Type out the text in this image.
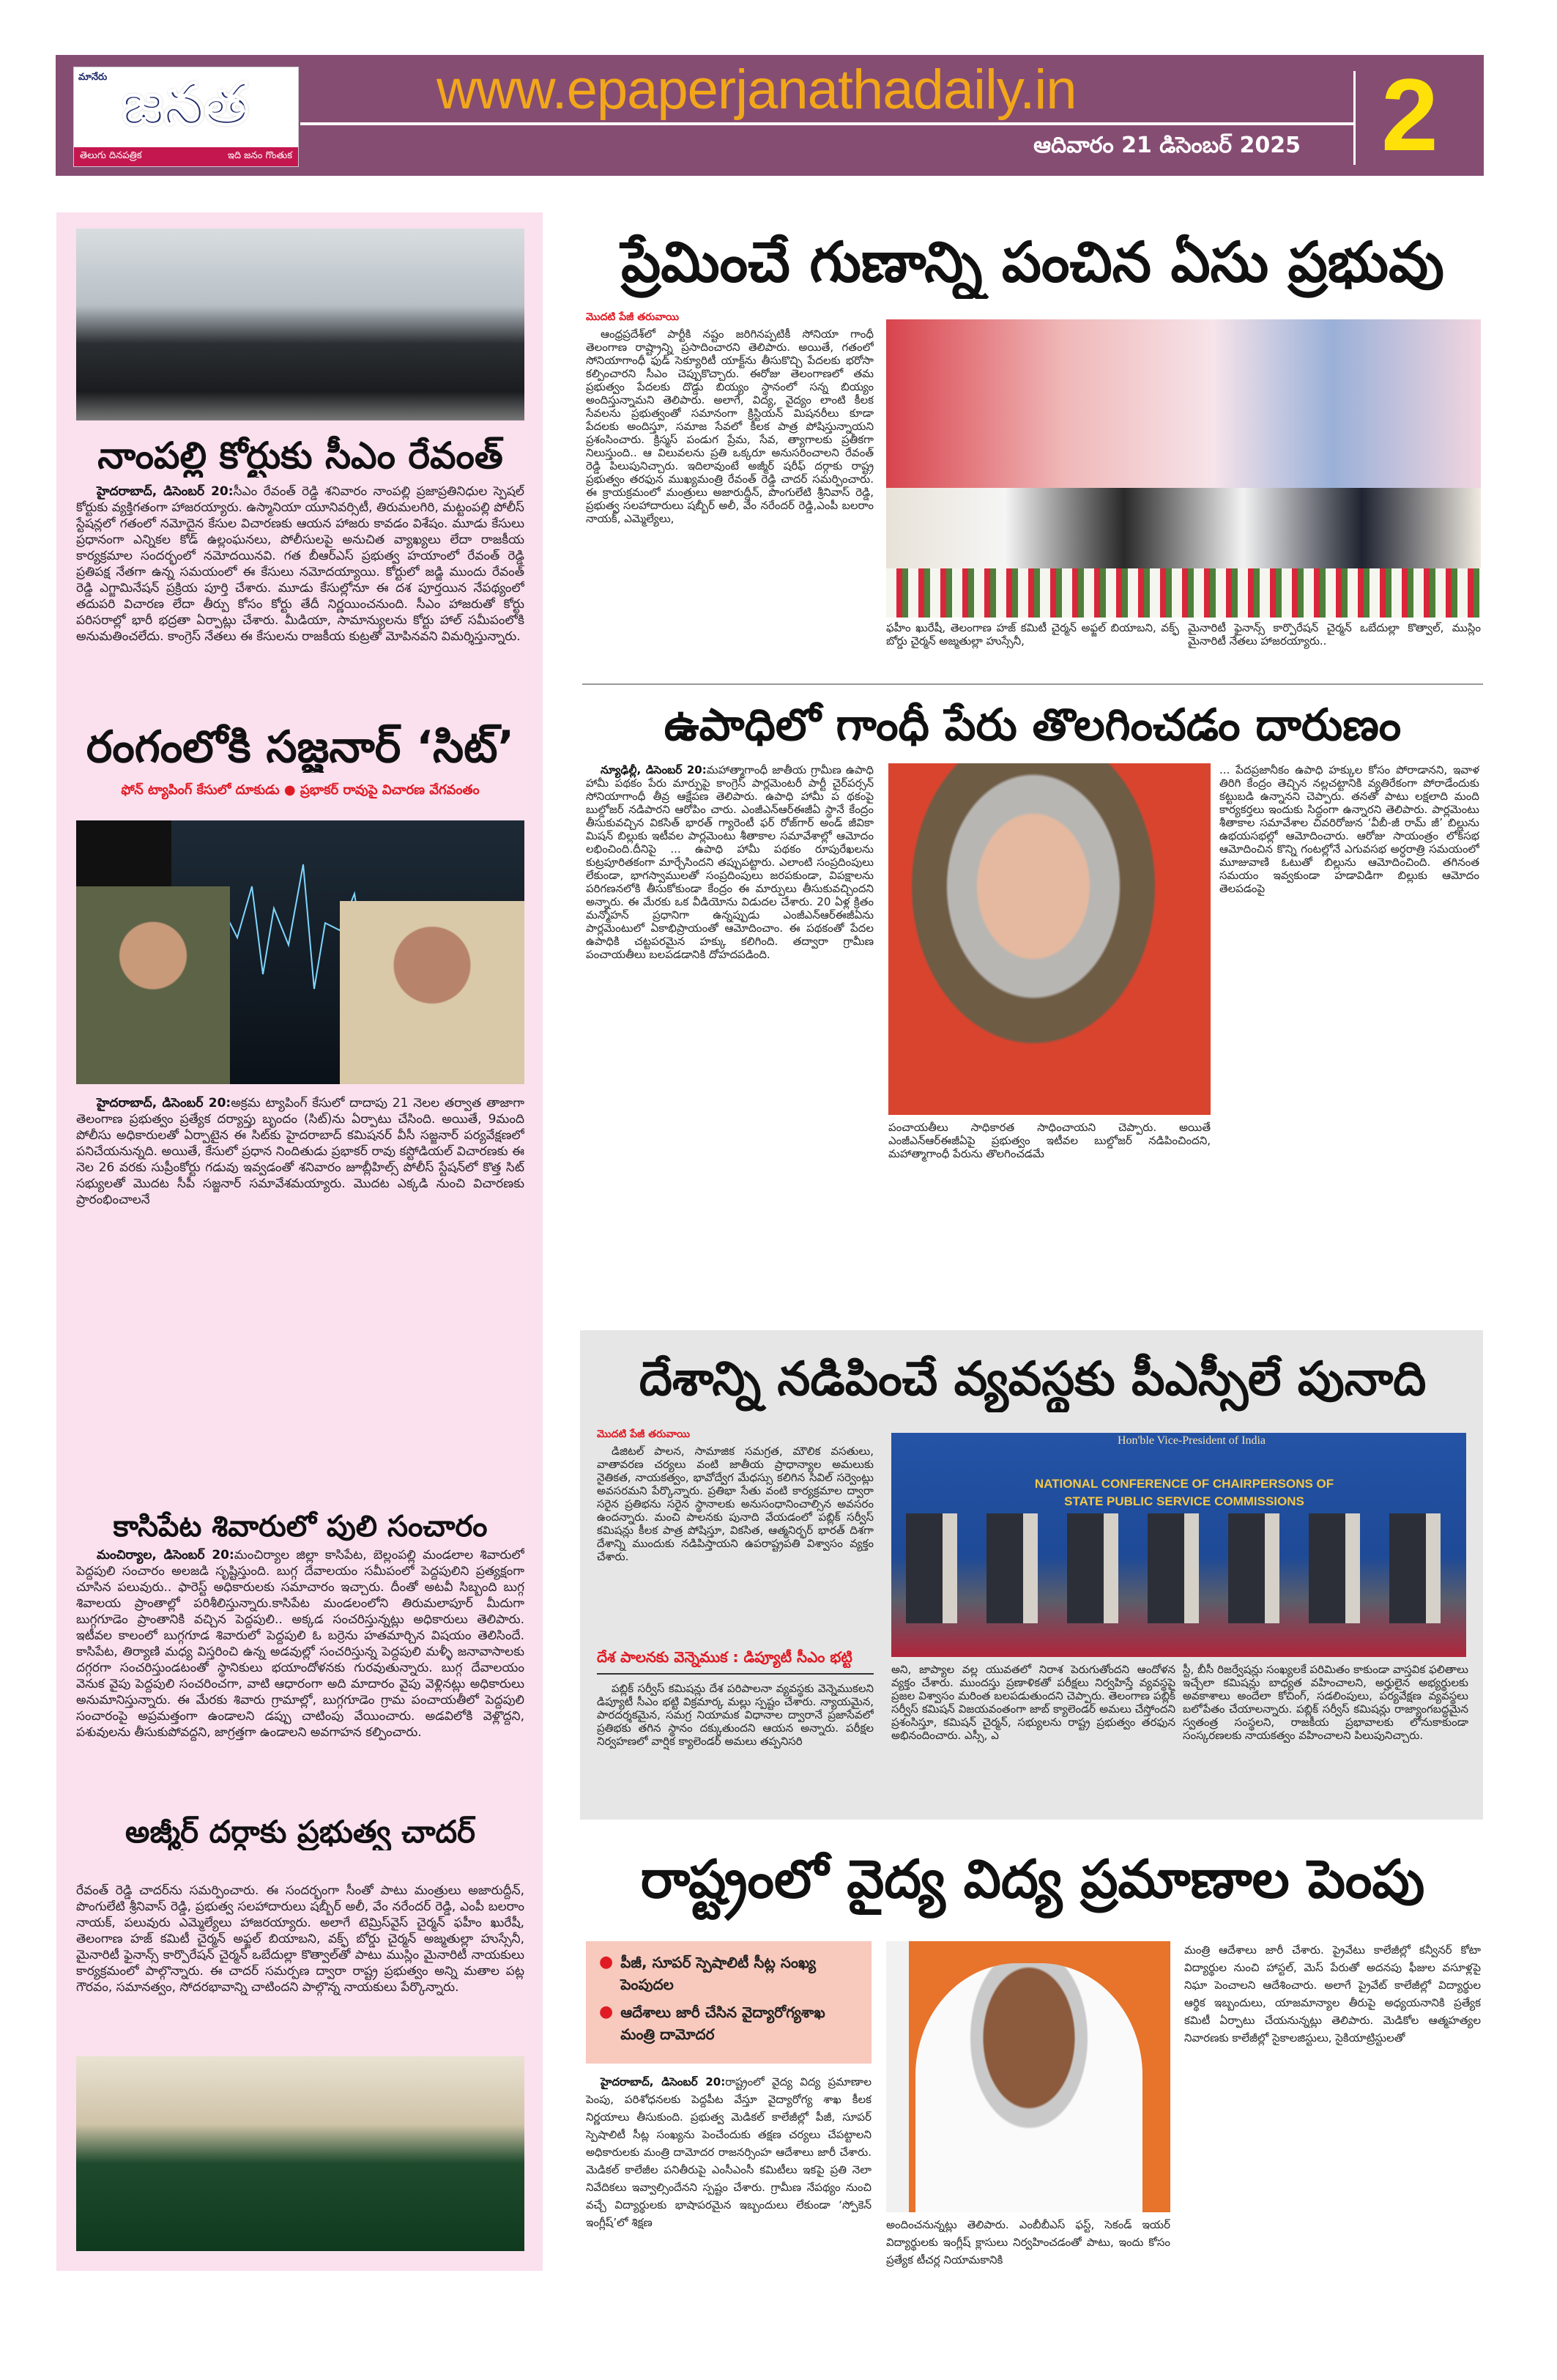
మానేరు జనత
తెలుగు దినపత్రిక	ఇది జనం గొంతుక
www.epaperjanathadaily.in
ఆదివారం 21 డిసెంబర్ 2025 2
నాంపల్లి కోర్టుకు సీఎం రేవంత్
హైదరాబాద్, డిసెంబర్ 20:సీఎం రేవంత్ రెడ్డి శనివారం నాంపల్లి ప్రజాప్రతినిధుల స్పెషల్ కోర్టుకు వ్యక్తిగతంగా హాజరయ్యారు. ఉస్మానియా యూనివర్సిటీ, తిరుమలగిరి, మట్టంపల్లి పోలీస్ స్టేషన్లలో గతంలో నమోదైన కేసుల విచారణకు ఆయన హాజరు కావడం విశేషం. మూడు కేసులు ప్రధానంగా ఎన్నికల కోడ్ ఉల్లంఘనలు, పోలీసులపై అనుచిత వ్యాఖ్యలు లేదా రాజకీయ కార్యక్రమాల సందర్భంలో నమోదయినవి. గత బీఆర్ఎస్ ప్రభుత్వ హయాంలో రేవంత్ రెడ్డి ప్రతిపక్ష నేతగా ఉన్న సమయంలో ఈ కేసులు నమోదయ్యాయి. కోర్టులో జడ్జి ముందు రేవంత్ రెడ్డి ఎగ్జామినేషన్ ప్రక్రియ పూర్తి చేశారు. మూడు కేసుల్లోనూ ఈ దశ పూర్తయిన నేపథ్యంలో తదుపరి విచారణ లేదా తీర్పు కోసం కోర్టు తేదీ నిర్ణయించనుంది. సీఎం హాజరుతో కోర్టు పరిసరాల్లో భారీ భద్రతా ఏర్పాట్లు చేశారు. మీడియా, సామాన్యులను కోర్టు హాల్ సమీపంలోకి అనుమతించలేదు. కాంగ్రెస్ నేతలు ఈ కేసులను రాజకీయ కుట్రతో మోపినవని విమర్శిస్తున్నారు.
రంగంలోకి సజ్జనార్ ‘సిట్’
ఫోన్ ట్యాపింగ్ కేసులో దూకుడు ● ప్రభాకర్ రావుపై విచారణ వేగవంతం
హైదరాబాద్, డిసెంబర్ 20:అక్రమ ట్యాపింగ్ కేసులో దాదాపు 21 నెలల తర్వాత తాజాగా తెలంగాణ ప్రభుత్వం ప్రత్యేక దర్యాప్తు బృందం (సిట్)ను ఏర్పాటు చేసింది. అయితే, 9మంది పోలీసు అధికారులతో ఏర్పాటైన ఈ సిట్‌కు హైదరాబాద్ కమిషనర్ వీసీ సజ్జనార్ పర్యవేక్షణలో పనిచేయనున్నది. అయితే, కేసులో ప్రధాన నిందితుడు ప్రభాకర్ రావు కస్టోడియల్ విచారణకు ఈ నెల 26 వరకు సుప్రీంకోర్టు గడువు ఇవ్వడంతో శనివారం జూబ్లీహిల్స్ పోలీస్ స్టేషన్‌లో కొత్త సిట్ సభ్యులతో మొదట సీపీ సజ్జనార్ సమావేశమయ్యారు. మొదట ఎక్కడి నుంచి విచారణకు ప్రారంభించాలనే
కాసిపేట శివారులో పులి సంచారం
మంచిర్యాల, డిసెంబర్ 20:మంచిర్యాల జిల్లా కాసిపేట, బెల్లంపల్లి మండలాల శివారులో పెద్దపులి సంచారం అలజడి సృష్టిస్తుంది. బుగ్గ దేవాలయం సమీపంలో పెద్దపులిని ప్రత్యక్షంగా చూసిన పలువురు.. ఫారెస్ట్ అధికారులకు సమాచారం ఇచ్చారు. దీంతో అటవీ సిబ్బంది బుగ్గ శివాలయ ప్రాంతాల్లో పరిశీలిస్తున్నారు.కాసిపేట మండలంలోని తిరుమలాపూర్ మీదుగా బుగ్గగూడెం ప్రాంతానికి వచ్చిన పెద్దపులి.. అక్కడ సంచరిస్తున్నట్లు అధికారులు తెలిపారు. ఇటీవల కాలంలో బుగ్గగూడ శివారులో పెద్దపులి ఓ బర్రెను హతమార్చిన విషయం తెలిసిందే. కాసిపేట, తిర్యాణి మధ్య విస్తరించి ఉన్న అడవుల్లో సంచరిస్తున్న పెద్దపులి మళ్ళీ జనావాసాలకు దగ్గరగా సంచరిస్తుండటంతో స్థానికులు భయాందోళనకు గురవుతున్నారు. బుగ్గ దేవాలయం వెనుక వైపు పెద్దపులి సంచరించగా, వాటి ఆధారంగా అది మాదారం వైపు వెళ్లినట్లు అధికారులు అనుమానిస్తున్నారు. ఈ మేరకు శివారు గ్రామాల్లో, బుగ్గగూడెం గ్రామ పంచాయతీలో పెద్దపులి సంచారంపై అప్రమత్తంగా ఉండాలని డప్పు చాటింపు వేయించారు. అడవిలోకి వెళ్లొద్దని, పశువులను తీసుకుపోవద్దని, జాగ్రత్తగా ఉండాలని అవగాహన కల్పించారు.
అజ్మీర్ దర్గాకు ప్రభుత్వ చాదర్
రేవంత్ రెడ్డి చాదర్‌ను సమర్పించారు. ఈ సందర్భంగా సీంతో పాటు మంత్రులు అజారుద్దీన్, పొంగులేటి శ్రీనివాస్ రెడ్డి, ప్రభుత్వ సలహాదారులు షబ్బీర్ అలీ, వేం నరేందర్ రెడ్డి, ఎంపీ బలరాం నాయక్, పలువురు ఎమ్మెల్యేలు హాజరయ్యారు. అలాగే టెమ్రిస్‌వైస్ చైర్మన్ ఫహీం ఖురేషీ, తెలంగాణ హజ్ కమిటీ చైర్మన్ అఫ్జల్ బియాబని, వక్ఫ్ బోర్డు చైర్మన్ అజ్మతుల్లా హుస్సేనీ, మైనారిటీ ఫైనాన్స్ కార్పొరేషన్ చైర్మన్ ఒబేదుల్లా కొత్వాల్‌తో పాటు ముస్లిం మైనారిటీ నాయకులు కార్యక్రమంలో పాల్గొన్నారు. ఈ చాదర్ సమర్పణ ద్వారా రాష్ట్ర ప్రభుత్వం అన్ని మతాల పట్ల గౌరవం, సమానత్వం, సోదరభావాన్ని చాటిందని పాల్గొన్న నాయకులు పేర్కొన్నారు.
ప్రేమించే గుణాన్ని పంచిన ఏసు ప్రభువు
మొదటి పేజీ తరువాయి
ఆంధ్రప్రదేశ్‌లో పార్టీకి నష్టం జరిగినప్పటికీ సోనియా గాంధీ తెలంగాణ రాష్ట్రాన్ని ప్రసాదించారని తెలిపారు. అయితే, గతంలో సోనియాగాంధీ ఫుడ్ సెక్యూరిటీ యాక్ట్‌ను తీసుకొచ్చి పేదలకు భరోసా కల్పించారని సీఎం చెప్పుకొచ్చారు. ఈరోజు తెలంగాణలో తమ ప్రభుత్వం పేదలకు దొడ్డు బియ్యం స్థానంలో సన్న బియ్యం అందిస్తున్నామని తెలిపారు. అలాగే, విద్య, వైద్యం లాంటి కీలక సేవలను ప్రభుత్వంతో సమానంగా క్రిస్టియన్ మిషనరీలు కూడా పేదలకు అందిస్తూ, సమాజ సేవలో కీలక పాత్ర పోషిస్తున్నాయని ప్రశంసించారు. క్రిస్మస్ పండుగ ప్రేమ, సేవ, త్యాగాలకు ప్రతీకగా నిలుస్తుంది.. ఆ విలువలను ప్రతి ఒక్కరూ అనుసరించాలని రేవంత్ రెడ్డి పిలుపునిచ్చారు. ఇదిలావుంటే అజ్మీర్ షరీఫ్ దర్గాకు రాష్ట్ర ప్రభుత్వం తరఫున ముఖ్యమంత్రి రేవంత్ రెడ్డి చాదర్ సమర్పించారు. ఈ క్రాయక్రమంలో మంత్రులు అజారుద్దీన్, పొంగులేటి శ్రీనివాస్ రెడ్డి, ప్రభుత్వ సలహాదారులు షబ్బీర్ అలీ, వేం నరేందర్ రెడ్డి,ఎంపీ బలరాం నాయక్, ఎమ్మెల్యేలు,
ఫహీం ఖురేషీ, తెలంగాణ హజ్ కమిటీ చైర్మన్ అఫ్జల్ బియాబని, వక్ఫ్ బోర్డు చైర్మన్ అజ్మతుల్లా హుస్సేనీ,
మైనారిటీ ఫైనాన్స్ కార్పొరేషన్ చైర్మన్ ఒబేదుల్లా కొత్వాల్, ముస్లిం మైనారిటీ నేతలు హాజరయ్యారు..
ఉపాధిలో గాంధీ పేరు తొలగించడం దారుణం
న్యూఢిల్లీ, డిసెంబర్ 20:మహాత్మాగాంధీ జాతీయ గ్రామీణ ఉపాధి హామీ పథకం పేరు మార్పుపై కాంగ్రెస్ పార్లమెంటరీ పార్టీ చైర్‌పర్సన్ సోనియాగాంధీ తీవ్ర ఆక్షేపణ తెలిపారు. ఉపాధి హామీ ప థకంపై బుల్డోజర్ నడిపారని ఆరోపిం చారు. ఎంజీఎన్ఆర్ఈజీఏ స్థానే కేంద్రం తీసుకువచ్చిన వికసిత్ భారత్ గ్యారెంటీ ఫర్ రోజ్‌గార్ అండ్ జీవికా మిషన్ బిల్లుకు ఇటీవల పార్లమెంటు శీతాకాల సమావేశాల్లో ఆమోదం లభించింది.దీనిపై ... ఉపాధి హామీ పథకం రూపురేఖలను కుట్రపూరితకంగా మార్చేసిందని తప్పుపట్టారు. ఎలాంటి సంప్రదింపులు లేకుండా, భాగస్వాములతో సంప్రదింపులు జరపకుండా, విపక్షాలను పరిగణనలోకి తీసుకోకుండా కేంద్రం ఈ మార్పులు తీసుకువచ్చిందని అన్నారు. ఈ మేరకు ఒక వీడియోను విడుదల చేశారు. 20 ఏళ్ల క్రితం మన్మోహన్ ప్రధానిగా ఉన్నప్పుడు ఎంజీఎన్ఆర్ఈజీఏను పార్లమెంటులో ఏకాభిప్రాయంతో ఆమోదించాం. ఈ పథకంతో పేదల ఉపాధికి చట్టపరమైన హక్కు కలిగింది. తద్వారా గ్రామీణ పంచాయతీలు బలపడడానికి దోహదపడింది.
పంచాయతీలు సాధికారత సాధించాయని చెప్పారు. అయితే ఎంజీఎన్ఆర్ఈజీఏపై ప్రభుత్వం ఇటీవల బుల్డోజర్ నడిపించిందని, మహాత్మాగాంధీ పేరును తొలగించడమే
... పేదప్రజానీకం ఉపాధి హక్కుల కోసం పోరాడానని, ఇవాళ తిరిగి కేంద్రం తెచ్చిన నల్లచట్టానికి వ్యతిరేకంగా పోరాడేందుకు కట్టుబడి ఉన్నానని చెప్పారు. తనతో పాటు లక్షలాది మంది కార్యకర్తలు ఇందుకు సిద్ధంగా ఉన్నారని తెలిపారు. పార్లమెంటు శీతాకాల సమావేశాల చివరిరోజున ‘వీబీ-జీ రామ్ జీ’ బిల్లును ఉభయసభల్లో ఆమోదించారు. ఆరోజు సాయంత్రం లోక్‌సభ ఆమోదించిన కొన్ని గంటల్లోనే ఎగువసభ అర్ధరాత్రి సమయంలో మూజువాణి ఓటుతో బిల్లును ఆమోదించింది. తగినంత సమయం ఇవ్వకుండా హడావిడిగా బిల్లుకు ఆమోదం తెలపడంపై
దేశాన్ని నడిపించే వ్యవస్థకు పీఎస్సీలే పునాది
మొదటి పేజీ తరువాయి
డిజిటల్ పాలన, సామాజిక సమగ్రత, మౌలిక వసతులు, వాతావరణ చర్యలు వంటి జాతీయ ప్రాధాన్యాల అమలుకు నైతికత, నాయకత్వం, భావోద్వేగ మేధస్సు కలిగిన సివిల్ సర్వెంట్లు అవసరమని పేర్కొన్నారు. ప్రతిభా సేతు వంటి కార్యక్రమాల ద్వారా సరైన ప్రతిభను సరైన స్థానాలకు అనుసంధానించాల్సిన అవసరం ఉందన్నారు. మంచి పాలనకు పునాది వేయడంలో పబ్లిక్ సర్వీస్ కమిషన్లు కీలక పాత్ర పోషిస్తూ, వికసిత, ఆత్మనిర్భర్ భారత్ దిశగా దేశాన్ని ముందుకు నడిపిస్తాయని ఉపరాష్ట్రపతి విశ్వాసం వ్యక్తం చేశారు.
దేశ పాలనకు వెన్నెముక : డిప్యూటీ సీఎం భట్టి
పబ్లిక్ సర్వీస్ కమిషన్లు దేశ పరిపాలనా వ్యవస్థకు వెన్నెముకలని డిప్యూటీ సీఎం భట్టి విక్రమార్క మల్లు స్పష్టం చేశారు. న్యాయమైన, పారదర్శకమైన, సమగ్ర నియామక విధానాల ద్వారానే ప్రజాసేవలో ప్రతిభకు తగిన స్థానం దక్కుతుందని ఆయన అన్నారు. పరీక్షల నిర్వహణలో వార్షిక క్యాలెండర్ అమలు తప్పనిసరి
Hon'ble Vice-President of India
NATIONAL CONFERENCE OF CHAIRPERSONS OF
STATE PUBLIC SERVICE COMMISSIONS
అని, జాప్యాల వల్ల యువతలో నిరాశ పెరుగుతోందని ఆందోళన వ్యక్తం చేశారు. ముందస్తు ప్రణాళికతో పరీక్షలు నిర్వహిస్తే వ్యవస్థపై ప్రజల విశ్వాసం మరింత బలపడుతుందని చెప్పారు. తెలంగాణ పబ్లిక్ సర్వీస్ కమిషన్ విజయవంతంగా జాబ్ క్యాలెండర్ అమలు చేస్తోందని ప్రశంసిస్తూ, కమిషన్ చైర్మన్, సభ్యులను రాష్ట్ర ప్రభుత్వం తరఫున అభినందించారు. ఎస్సీ, ఎ
స్టీ, బీసీ రిజర్వేషన్లు సంఖ్యలకే పరిమితం కాకుండా వాస్తవిక ఫలితాలు ఇచ్చేలా కమిషన్లు బాధ్యత వహించాలని, అర్హులైన అభ్యర్థులకు అవకాశాలు అందేలా కోచింగ్, సడలింపులు, పర్యవేక్షణ వ్యవస్థలు బలోపేతం చేయాలన్నారు. పబ్లిక్ సర్వీస్ కమిషన్లు రాజ్యాంగబద్ధమైన స్వతంత్ర సంస్థలని, రాజకీయ ప్రభావాలకు లోనుకాకుండా సంస్కరణలకు నాయకత్వం వహించాలని పిలుపునిచ్చారు.
రాష్ట్రంలో వైద్య విద్య ప్రమాణాల పెంపు
● పీజీ, సూపర్ స్పెషాలిటీ సీట్ల సంఖ్య పెంపుదల
● ఆదేశాలు జారీ చేసిన వైద్యారోగ్యశాఖ మంత్రి దామోదర
హైదరాబాద్, డిసెంబర్ 20:రాష్ట్రంలో వైద్య విద్య ప్రమాణాల పెంపు, పరిశోధనలకు పెద్దపీట వేస్తూ వైద్యారోగ్య శాఖ కీలక నిర్ణయాలు తీసుకుంది. ప్రభుత్వ మెడికల్ కాలేజీల్లో పీజీ, సూపర్ స్పెషాలిటీ సీట్ల సంఖ్యను పెంచేందుకు తక్షణ చర్యలు చేపట్టాలని అధికారులకు మంత్రి దామోదర రాజనర్సింహ ఆదేశాలు జారీ చేశారు. మెడికల్ కాలేజీల పనితీరుపై ఎంసీఎంసీ కమిటీలు ఇకపై ప్రతి నెలా నివేదికలు ఇవ్వాల్సిందేనని స్పష్టం చేశారు. గ్రామీణ నేపథ్యం నుంచి వచ్చే విద్యార్థులకు భాషాపరమైన ఇబ్బందులు లేకుండా ‘స్పోకెన్ ఇంగ్లీష్’లో శిక్షణ	అందించనున్నట్లు తెలిపారు. ఎంబీబీఎస్ ఫస్ట్, సెకండ్ ఇయర్ విద్యార్థులకు ఇంగ్లీష్ క్లాసులు నిర్వహించడంతో పాటు, ఇందు కోసం ప్రత్యేక టీచర్ల నియామకానికి
మంత్రి ఆదేశాలు జారీ చేశారు. ప్రైవేటు కాలేజీల్లో కన్వీనర్ కోటా విద్యార్థుల నుంచి హాస్టల్, మెస్ పేరుతో అదనపు ఫీజుల వసూళ్లపై నిఘా పెంచాలని ఆదేశించారు. అలాగే ప్రైవేట్ కాలేజీల్లో విద్యార్థుల ఆర్థిక ఇబ్బందులు, యాజమాన్యాల తీరుపై అధ్యయనానికి ప్రత్యేక కమిటీ ఏర్పాటు చేయనున్నట్లు తెలిపారు. మెడికోల ఆత్మహత్యల నివారణకు కాలేజీల్లో సైకాలజిస్టులు, సైకియాట్రిస్టులతో
